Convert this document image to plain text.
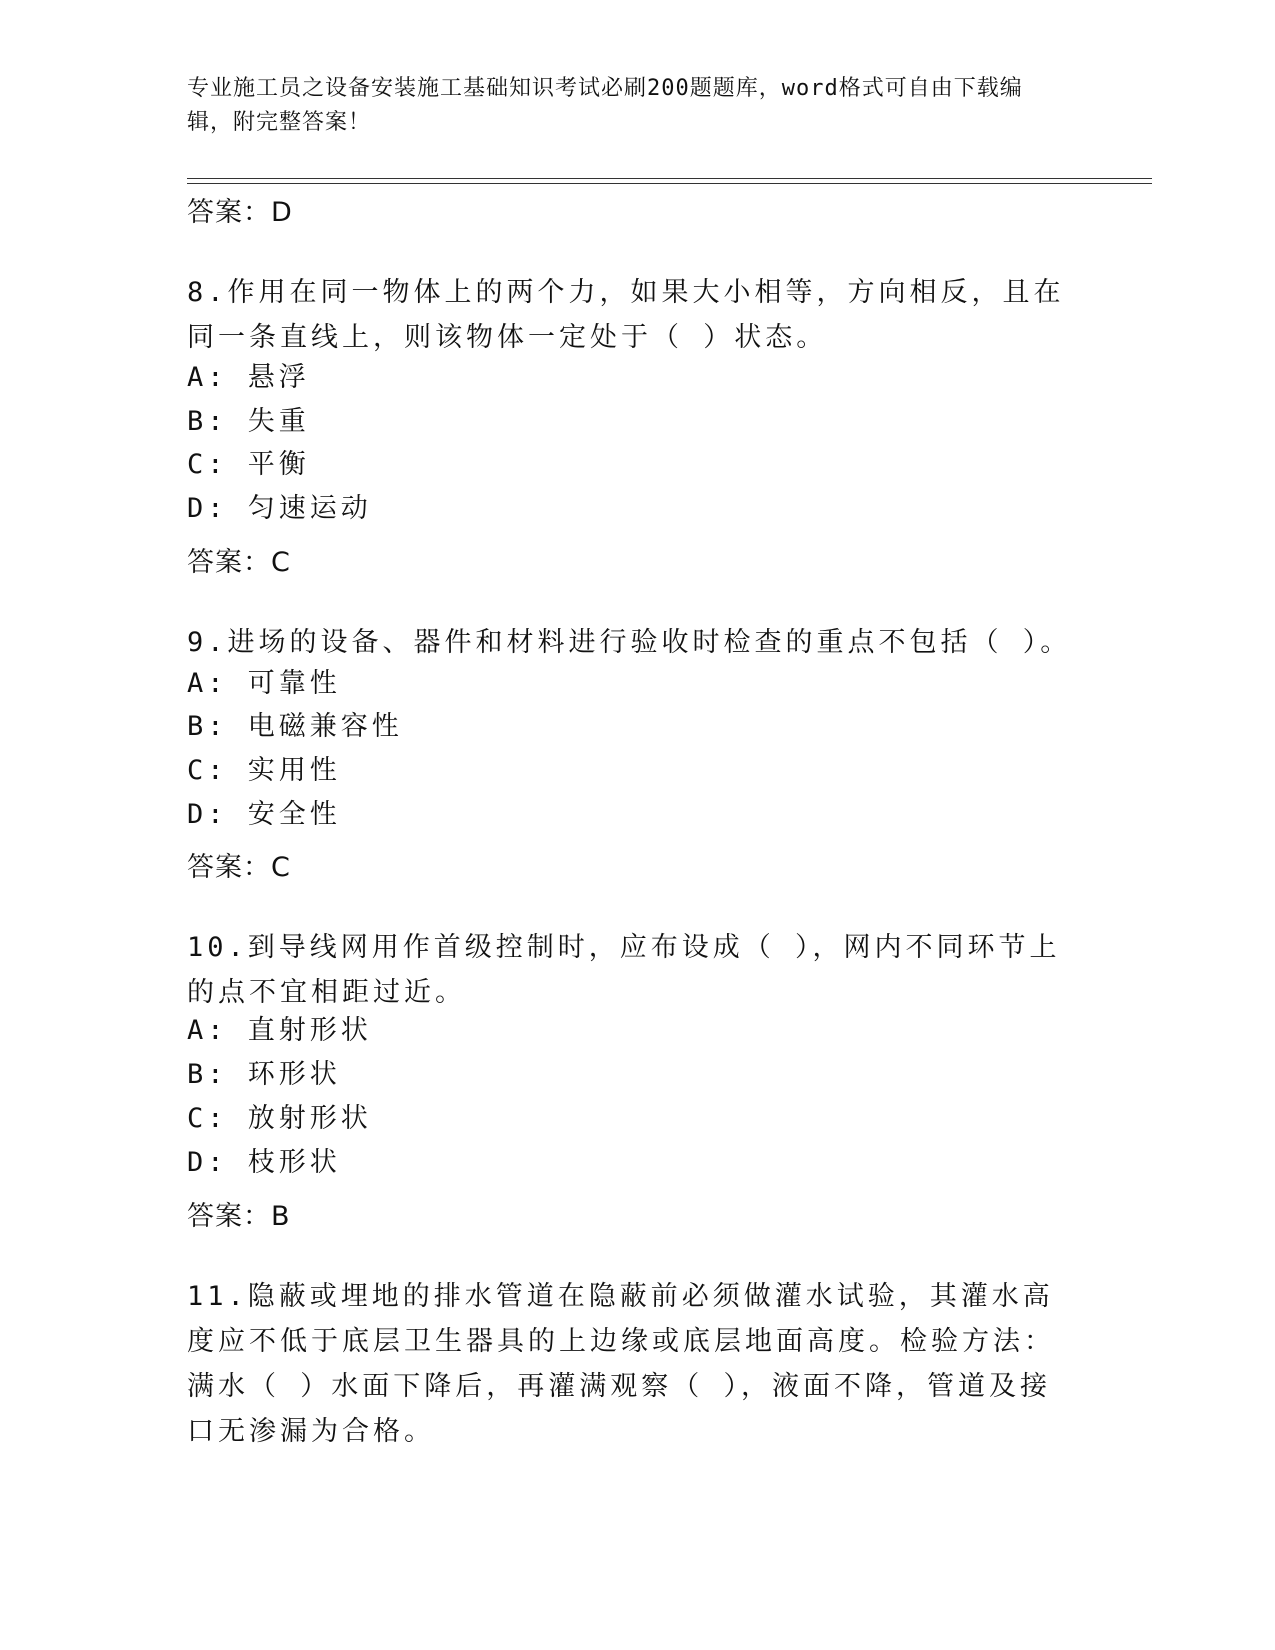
专业施工员之设备安装施工基础知识考试必刷200题题库，word格式可自由下载编辑，附完整答案！
答案：D
8.作用在同一物体上的两个力，如果大小相等，方向相反，且在同一条直线上，则该物体一定处于（ ）状态。
A: 悬浮
B: 失重
C: 平衡
D: 匀速运动
答案：C
9.进场的设备、器件和材料进行验收时检查的重点不包括（ ）。
A: 可靠性
B: 电磁兼容性
C: 实用性
D: 安全性
答案：C
10.到导线网用作首级控制时，应布设成（ ），网内不同环节上的点不宜相距过近。
A: 直射形状
B: 环形状
C: 放射形状
D: 枝形状
答案：B
11.隐蔽或埋地的排水管道在隐蔽前必须做灌水试验，其灌水高度应不低于底层卫生器具的上边缘或底层地面高度。检验方法：满水（ ）水面下降后，再灌满观察（ ），液面不降，管道及接口无渗漏为合格。
